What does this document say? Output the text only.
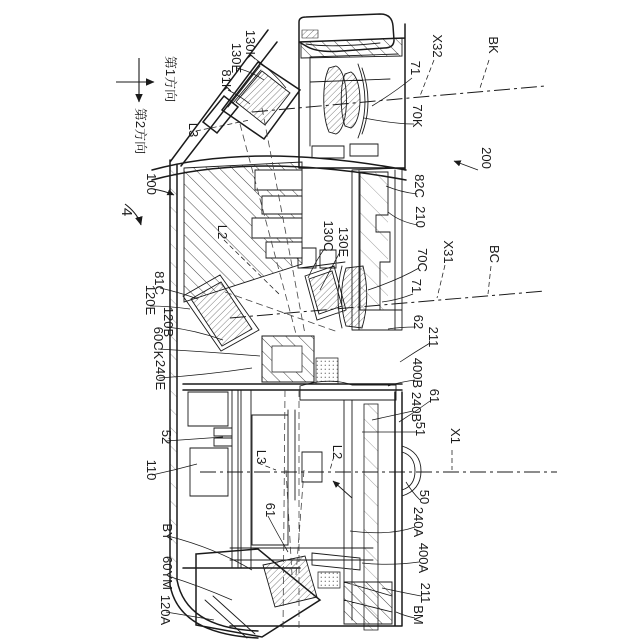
第1方向
第2方向
130K
130E
81K
L3
X32	BK
71
70K
200
100
4
L2
82C
210
130C 130E
70C X31 BC
71
81C
120E
120B
60CK
240E
62
211
400B
61
240B
51 X1
52
110
L3	L2
61
50
240A
BY
60YM
120A
400A
211
BM
